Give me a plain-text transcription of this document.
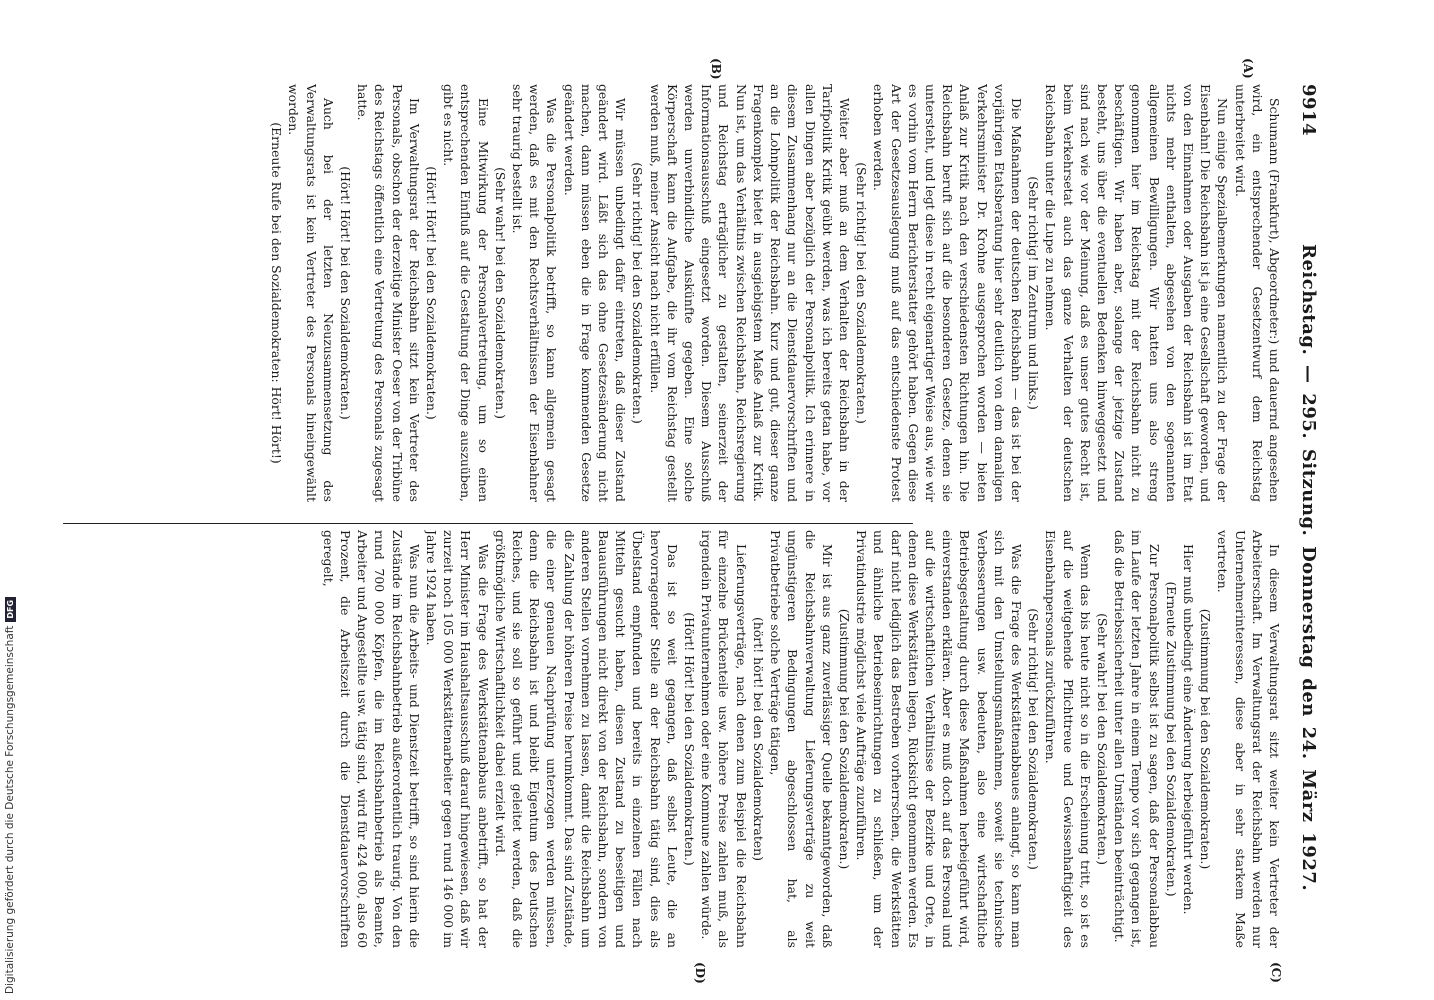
9914
Reichstag. — 295. Sitzung. Donnerstag den 24. März 1927.
(A)
(B)
(C)
(D)

Schumann (Frankfurt), Abgeordneter:) und dauernd angesehen wird, ein entsprechender Gesetzentwurf dem Reichstag unterbreitet wird.

Nun einige Spezialbemerkungen namentlich zu der Frage der Eisenbahn! Die Reichsbahn ist ja eine Gesellschaft geworden, und von den Einnahmen oder Ausgaben der Reichsbahn ist im Etat nichts mehr enthalten, abgesehen von den sogenannten allgemeinen Bewilligungen. Wir hatten uns also streng genommen hier im Reichstag mit der Reichsbahn nicht zu beschäftigen. Wir haben aber, solange der jetzige Zustand besteht, uns über die eventuellen Bedenken hinweggesetzt und sind nach wie vor der Meinung, daß es unser gutes Recht ist, beim Verkehrsetat auch das ganze Verhalten der deutschen Reichsbahn unter die Lupe zu nehmen.

(Sehr richtig! im Zentrum und links.)

Die Maßnahmen der deutschen Reichsbahn — das ist bei der vorjährigen Etatsberatung hier sehr deutlich von dem damaligen Verkehrsminister Dr. Krohne ausgesprochen worden — bieten Anlaß zur Kritik nach den verschiedensten Richtungen hin. Die Reichsbahn beruft sich auf die besonderen Gesetze, denen sie untersteht, und legt diese in recht eigenartiger Weise aus, wie wir es vorhin vom Herrn Berichterstatter gehört haben. Gegen diese Art der Gesetzesauslegung muß auf das entschiedenste Protest erhoben werden.

(Sehr richtig! bei den Sozialdemokraten.)

Weiter aber muß an dem Verhalten der Reichsbahn in der Tarifpolitik Kritik geübt werden, was ich bereits getan habe, vor allen Dingen aber bezüglich der Personalpolitik. Ich erinnere in diesem Zusammenhang nur an die Dienstdauervorschriften und an die Lohnpolitik der Reichsbahn. Kurz und gut, dieser ganze Fragenkomplex bietet in ausgiebigstem Maße Anlaß zur Kritik. Nun ist, um das Verhältnis zwischen Reichsbahn, Reichsregierung und Reichstag erträglicher zu gestalten, seinerzeit der Informationsausschuß eingesetzt worden. Diesem Ausschuß werden unverbindliche Auskünfte gegeben. Eine solche Körperschaft kann die Aufgabe, die ihr vom Reichstag gestellt werden muß, meiner Ansicht nach nicht erfüllen.

(Sehr richtig! bei den Sozialdemokraten.)

Wir müssen unbedingt dafür eintreten, daß dieser Zustand geändert wird. Läßt sich das ohne Gesetzesänderung nicht machen, dann müssen eben die in Frage kommenden Gesetze geändert werden.

Was die Personalpolitik betrifft, so kann allgemein gesagt werden, daß es mit den Rechtsverhältnissen der Eisenbahner sehr traurig bestellt ist.

(Sehr wahr! bei den Sozialdemokraten.)

Eine Mitwirkung der Personalvertretung, um so einen entsprechenden Einfluß auf die Gestaltung der Dinge auszuüben, gibt es nicht.

(Hört! Hört! bei den Sozialdemokraten.)

Im Verwaltungsrat der Reichsbahn sitzt kein Vertreter des Personals, obschon der derzeitige Minister Oeser von der Tribüne des Reichstags öffentlich eine Vertretung des Personals zugesagt hatte.

(Hört! Hört! bei den Sozialdemokraten.)

Auch bei der letzten Neuzusammensetzung des Verwaltungsrats ist kein Vertreter des Personals hineingewählt worden.

(Erneute Rufe bei den Sozialdemokraten: Hört! Hört!)

In diesem Verwaltungsrat sitzt weiter kein Vertreter der Arbeiterschaft. Im Verwaltungsrat der Reichsbahn werden nur Unternehmerinteressen, diese aber in sehr starkem Maße vertreten.

(Zustimmung bei den Sozialdemokraten.)

Hier muß unbedingt eine Änderung herbeigeführt werden.

(Erneute Zustimmung bei den Sozialdemokraten.)

Zur Personalpolitik selbst ist zu sagen, daß der Personalabbau im Laufe der letzten Jahre in einem Tempo vor sich gegangen ist, daß die Betriebssicherheit unter allen Umständen beeinträchtigt.

(Sehr wahr! bei den Sozialdemokraten.)

Wenn das bis heute nicht so in die Erscheinung tritt, so ist es auf die weitgehende Pflichttreue und Gewissenhaftigkeit des Eisenbahnpersonals zurückzuführen.

(Sehr richtig! bei den Sozialdemokraten.)

Was die Frage des Werkstättenabbaues anlangt, so kann man sich mit den Umstellungsmaßnahmen, soweit sie technische Verbesserungen usw. bedeuten, also eine wirtschaftliche Betriebsgestaltung durch diese Maßnahmen herbeigeführt wird, einverstanden erklären. Aber es muß doch auf das Personal und auf die wirtschaftlichen Verhältnisse der Bezirke und Orte, in denen diese Werkstätten liegen, Rücksicht genommen werden. Es darf nicht lediglich das Bestreben vorherrschen, die Werkstätten und ähnliche Betriebseinrichtungen zu schließen, um der Privatindustrie möglichst viele Aufträge zuzuführen.

(Zustimmung bei den Sozialdemokraten.)

Mir ist aus ganz zuverlässiger Quelle bekanntgeworden, daß die Reichsbahnverwaltung Lieferungsverträge zu weit ungünstigeren Bedingungen abgeschlossen hat, als Privatbetriebe solche Verträge tätigen,

(hört! hört! bei den Sozialdemokraten)

Lieferungsverträge, nach denen zum Beispiel die Reichsbahn für einzelne Brückenteile usw. höhere Preise zahlen muß, als irgendein Privatunternehmen oder eine Kommune zahlen würde.

(Hört! Hört! bei den Sozialdemokraten.)

Das ist so weit gegangen, daß selbst Leute, die an hervorragender Stelle an der Reichsbahn tätig sind, dies als Übelstand empfunden und bereits in einzelnen Fällen nach Mitteln gesucht haben, diesen Zustand zu beseitigen und Bauausführungen nicht direkt von der Reichsbahn, sondern von anderen Stellen vornehmen zu lassen, damit die Reichsbahn um die Zahlung der höheren Preise herumkommt. Das sind Zustände, die einer genauen Nachprüfung unterzogen werden müssen, denn die Reichsbahn ist und bleibt Eigentum des Deutschen Reiches, und sie soll so geführt und geleitet werden, daß die größtmögliche Wirtschaftlichkeit dabei erzielt wird.

Was die Frage des Werkstättenabbaus anbetrifft, so hat der Herr Minister im Haushaltsausschuß darauf hingewiesen, daß wir zurzeit noch 105 000 Werkstättenarbeiter gegen rund 146 000 im Jahre 1924 haben.

Was nun die Arbeits- und Dienstzeit betrifft, so sind hierin die Zustände im Reichsbahnbetrieb außerordentlich traurig. Von den rund 700 000 Köpfen, die im Reichsbahnbetrieb als Beamte, Arbeiter und Angestellte usw. tätig sind, wird für 424 000, also 60 Prozent, die Arbeitszeit durch die Dienstdauervorschriften geregelt,

Digitalisierung gefördert durch die Deutsche ForschungsgemeinschaftDFG
